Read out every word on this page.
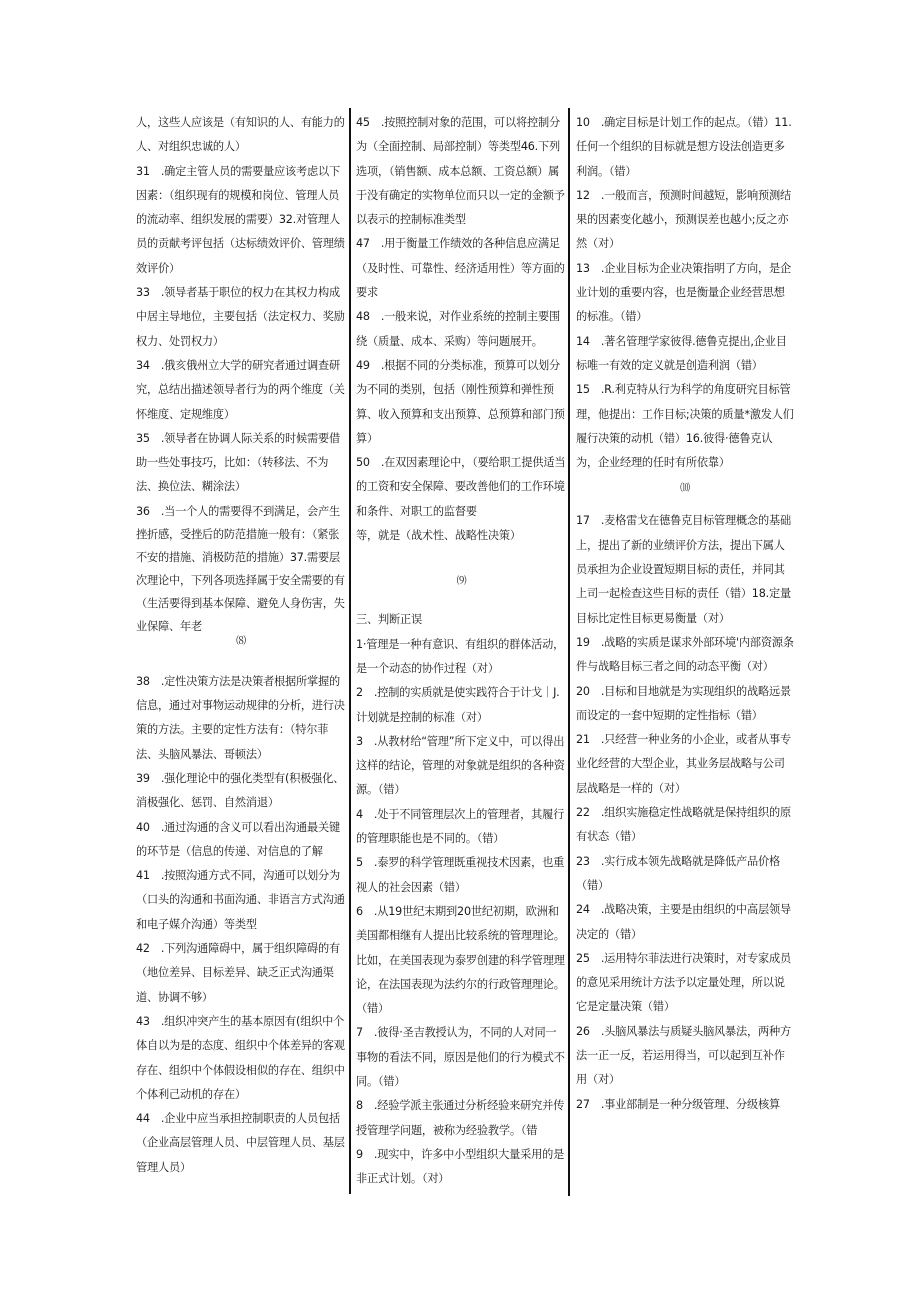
人，这些人应该是（有知识的人、有能力的人、对组织忠诚的人）

31　.确定主管人员的需要量应该考虑以下因素：（组织现有的规模和岗位、管理人员的流动率、组织发展的需要）32.对管理人员的贡献考评包括（达标绩效评价、管理绩效评价）

33　.领导者基于职位的权力在其权力构成中居主导地位，主要包括（法定权力、奖励权力、处罚权力）

34　.俄亥俄州立大学的研究者通过调查研究，总结出描述领导者行为的两个维度（关怀维度、定规维度）

35　.领导者在协调人际关系的时候需要借助一些处事技巧，比如：（转移法、不为法、换位法、糊涂法）

36　.当一个人的需要得不到满足，会产生挫折感，受挫后的防范措施一般有：（紧张不安的措施、消极防范的措施）37.需要层次理论中，下列各项选择属于安全需要的有（生活要得到基本保障、避免人身伤害，失业保障、年老

⑻

38　.定性决策方法是决策者根据所掌握的信息，通过对事物运动规律的分析，进行决策的方法。主要的定性方法有：（特尔菲法、头脑风暴法、哥顿法）

39　.强化理论中的强化类型有(积极强化、消极强化、惩罚、自然消退）

40　.通过沟通的含义可以看出沟通最关键的环节是（信息的传递、对信息的了解

41　.按照沟通方式不同，沟通可以划分为（口头的沟通和书面沟通、非语言方式沟通和电子媒介沟通）等类型

42　.下列沟通障碍中，属于组织障碍的有（地位差异、目标差异、缺乏正式沟通渠道、协调不够）

43　.组织冲突产生的基本原因有(组织中个体自以为是的态度、组织中个体差异的客观存在、组织中个体假设相似的存在、组织中个体利己动机的存在）

44　.企业中应当承担控制职责的人员包括（企业高层管理人员、中层管理人员、基层管理人员）

45　.按照控制对象的范围，可以将控制分为（全面控制、局部控制）等类型46.下列选项，（销售额、成本总额、工资总额）属于没有确定的实物单位而只以一定的金额予以表示的控制标准类型

47　.用于衡量工作绩效的各种信息应满足（及时性、可靠性、经济适用性）等方面的要求

48　.一般来说，对作业系统的控制主要围绕（质量、成本、采购）等问题展开。

49　.根据不同的分类标准，预算可以划分为不同的类别，包括（刚性预算和弹性预算、收入预算和支出预算、总预算和部门预算）

50　.在双因素理论中，（要给职工提供适当的工资和安全保障、要改善他们的工作环境和条件、对职工的监督要

等，就是（战术性、战略性决策）

⑼

三、判断正误

1·管理是一种有意识、有组织的群体活动，是一个动态的协作过程（对）

2　.控制的实质就是使实践符合于计戈｜J.计划就是控制的标准（对）

3　.从教材给“管理”所下定义中，可以得出这样的结论，管理的对象就是组织的各种资源。（错）

4　.处于不同管理层次上的管理者，其履行的管理职能也是不同的。（错）

5　.泰罗的科学管理既重视技术因素，也重视人的社会因素（错）

6　.从19世纪末期到20世纪初期，欧洲和美国都相继有人提出比较系统的管理理论。比如，在美国表现为泰罗创建的科学管理理论，在法国表现为法约尔的行政管理理论。（错）

7　.彼得·圣吉教授认为，不同的人对同一事物的看法不同，原因是他们的行为模式不同。（错）

8　.经验学派主张通过分析经验来研究并传授管理学问题，被称为经验教学。（错

9　.现实中，许多中小型组织大量采用的是非正式计划。（对）

10　.确定目标是计划工作的起点。（错）11.任何一个组织的目标就是想方设法创造更多利润。（错）

12　.一般而言，预测时间越短，影响预测结果的因素变化越小，预测误差也越小;反之亦然（对）

13　.企业目标为企业决策指明了方向，是企业计划的重要内容，也是衡量企业经营思想的标准。（错）

14　.著名管理学家彼得.德鲁克提出,企业目标唯一有效的定义就是创造利润（错）

15　.R.利克特从行为科学的角度研究目标管理，他提出：工作目标;决策的质量*激发人们履行决策的动机（错）16.彼得·德鲁克认为，企业经理的任时有所依靠）

⑽

17　.麦格雷戈在德鲁克目标管理概念的基础上，提出了新的业绩评价方法，提出下属人员承担为企业设置短期目标的责任，并同其上司一起检查这些目标的责任（错）18.定量目标比定性目标更易衡量（对）

19　.战略的实质是谋求外部环境'内部资源条件与战略目标三者之间的动态平衡（对）

20　.目标和目地就是为实现组织的战略远景而设定的一套中短期的定性指标（错）

21　.只经营一种业务的小企业，或者从事专业化经营的大型企业，其业务层战略与公司层战略是一样的（对）

22　.组织实施稳定性战略就是保持组织的原有状态（错）

23　.实行成本领先战略就是降低产品价格（错）

24　.战略决策，主要是由组织的中高层领导决定的（错）

25　.运用特尔菲法进行决策时，对专家成员的意见采用统计方法予以定量处理，所以说它是定量决策（错）

26　.头脑风暴法与质疑头脑风暴法，两种方法一正一反，若运用得当，可以起到互补作用（对）

27　.事业部制是一种分级管理、分级核算
